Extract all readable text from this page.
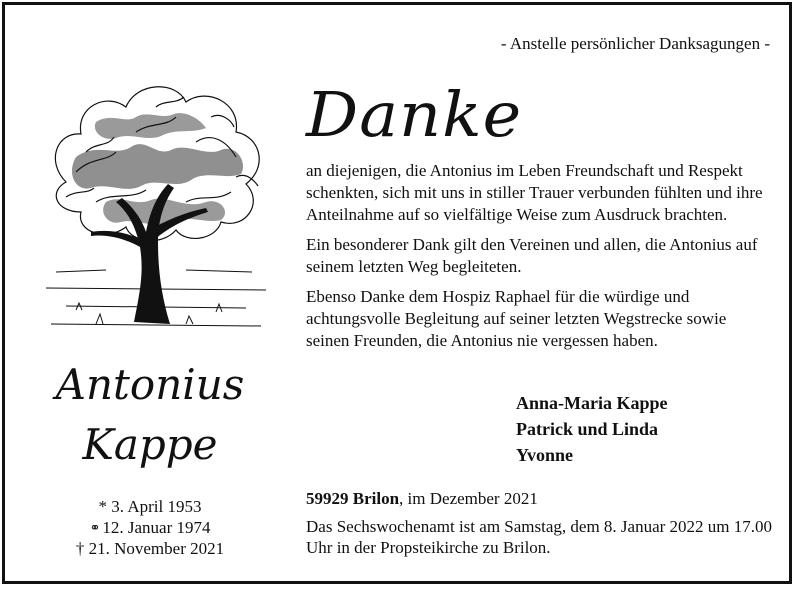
- Anstelle persönlicher Danksagungen -
Danke

an diejenigen, die Antonius im Leben Freundschaft und Respekt schenkten, sich mit uns in stiller Trauer verbunden fühlten und ihre Anteilnahme auf so vielfältige Weise zum Ausdruck brachten.

Ein besonderer Dank gilt den Vereinen und allen, die Antonius auf seinem letzten Weg begleiteten.

Ebenso Danke dem Hospiz Raphael für die würdige und achtungsvolle Begleitung auf seiner letzten Wegstrecke sowie seinen Freunden, die Antonius nie vergessen haben.

Antonius
Kappe
* 3. April 1953
⚭ 12. Januar 1974
† 21. November 2021
Anna-Maria Kappe
Patrick und Linda
Yvonne
59929 Brilon, im Dezember 2021
Das Sechswochenamt ist am Samstag, dem 8. Januar 2022 um 17.00 Uhr in der Propsteikirche zu Brilon.
